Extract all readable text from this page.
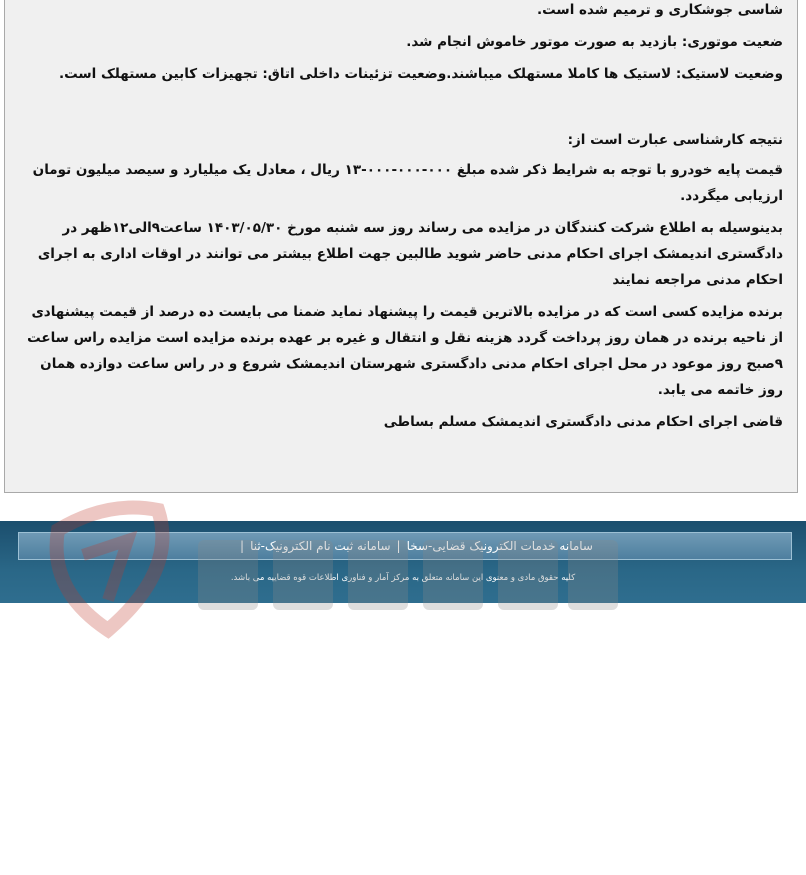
شاسی جوشکاری و ترمیم شده است.

ضعیت موتوری: بازدید به صورت موتور خاموش انجام شد.

وضعیت لاستیک: لاستیک ها کاملا مستهلک میباشند.وضعیت تزئینات داخلی اتاق: تجهیزات کابین مستهلک است.

نتیجه کارشناسی عبارت است از:

قیمت پایه خودرو با توجه به شرایط ذکر شده مبلغ ۰۰۰-۰۰۰-۰۰۰-۱۳ ریال ، معادل یک میلیارد و سیصد میلیون تومان ارزیابی میگردد.

بدینوسیله به اطلاع شرکت کنندگان در مزایده می رساند روز سه شنبه مورخ ۱۴۰۳/۰۵/۳۰ ساعت۹الی۱۲ظهر در دادگستری اندیمشک اجرای احکام مدنی حاضر شوید طالبین جهت اطلاع بیشتر می توانند در اوقات اداری به اجرای احکام مدنی مراجعه نمایند

برنده مزایده کسی است که در مزایده بالاترین قیمت را پیشنهاد نماید ضمنا می بایست ده درصد از قیمت پیشنهادی از ناحیه برنده در همان روز پرداخت گردد هزینه نقل و انتقال و غیره بر عهده برنده مزایده است مزایده راس ساعت ۹صبح روز موعود در محل اجرای احکام مدنی دادگستری شهرستان اندیمشک شروع و در راس ساعت دوازده همان روز خاتمه می یابد.

قاضی اجرای احکام مدنی دادگستری اندیمشک مسلم بساطی

سامانه خدمات الکترونیک قضایی-سخا
|
سامانه ثبت نام الکترونیک-ثنا
|
کلیه حقوق مادی و معنوی این سامانه متعلق به مرکز آمار و فناوری اطلاعات قوه قضاییه می باشد.
